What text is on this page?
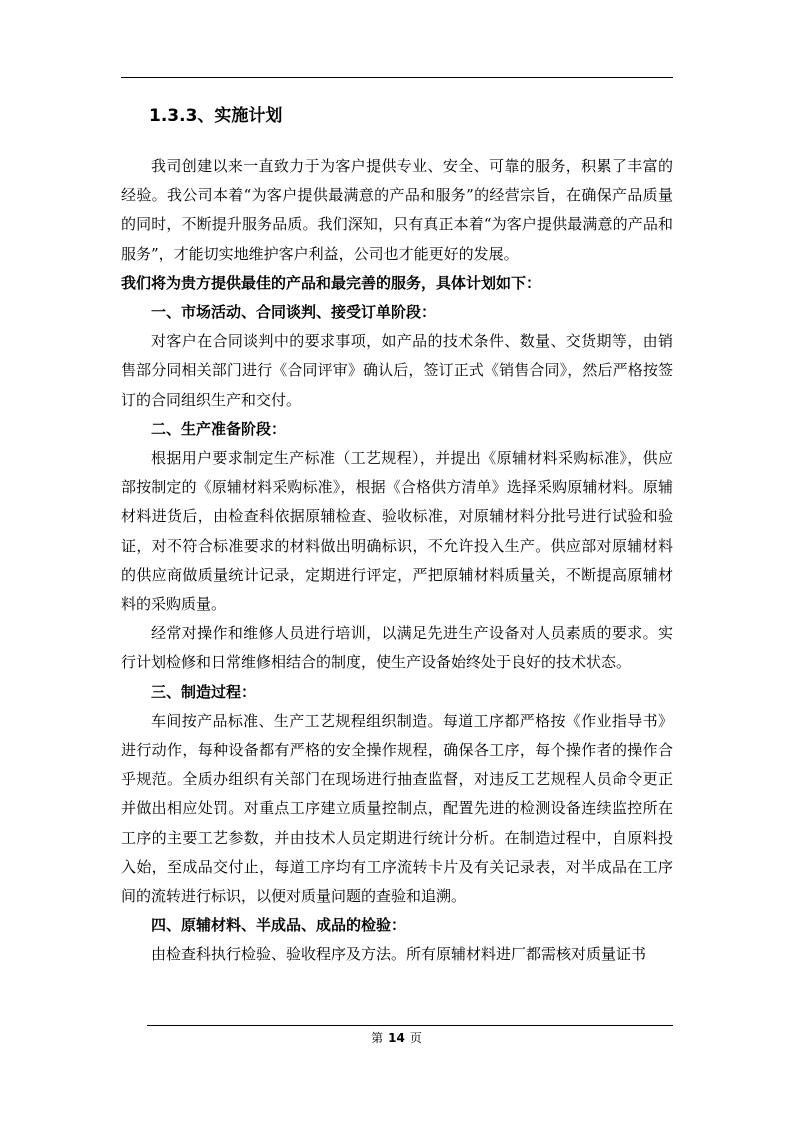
1.3.3、实施计划

我司创建以来一直致力于为客户提供专业、安全、可靠的服务，积累了丰富的经验。我公司本着“为客户提供最满意的产品和服务”的经营宗旨，在确保产品质量的同时，不断提升服务品质。我们深知，只有真正本着“为客户提供最满意的产品和服务”，才能切实地维护客户利益，公司也才能更好的发展。

我们将为贵方提供最佳的产品和最完善的服务，具体计划如下：

一、市场活动、合同谈判、接受订单阶段：

对客户在合同谈判中的要求事项，如产品的技术条件、数量、交货期等，由销售部分同相关部门进行《合同评审》确认后，签订正式《销售合同》，然后严格按签订的合同组织生产和交付。

二、生产准备阶段：

根据用户要求制定生产标准（工艺规程），并提出《原辅材料采购标准》，供应部按制定的《原辅材料采购标准》，根据《合格供方清单》选择采购原辅材料。原辅材料进货后，由检查科依据原辅检查、验收标准，对原辅材料分批号进行试验和验证，对不符合标准要求的材料做出明确标识，不允许投入生产。供应部对原辅材料的供应商做质量统计记录，定期进行评定，严把原辅材料质量关，不断提高原辅材料的采购质量。

经常对操作和维修人员进行培训，以满足先进生产设备对人员素质的要求。实行计划检修和日常维修相结合的制度，使生产设备始终处于良好的技术状态。

三、制造过程：

车间按产品标准、生产工艺规程组织制造。每道工序都严格按《作业指导书》进行动作，每种设备都有严格的安全操作规程，确保各工序，每个操作者的操作合乎规范。全质办组织有关部门在现场进行抽查监督，对违反工艺规程人员命令更正并做出相应处罚。对重点工序建立质量控制点，配置先进的检测设备连续监控所在工序的主要工艺参数，并由技术人员定期进行统计分析。在制造过程中，自原料投入始，至成品交付止，每道工序均有工序流转卡片及有关记录表，对半成品在工序间的流转进行标识，以便对质量问题的查验和追溯。

四、原辅材料、半成品、成品的检验：

由检查科执行检验、验收程序及方法。所有原辅材料进厂都需核对质量证书

第 14 页
